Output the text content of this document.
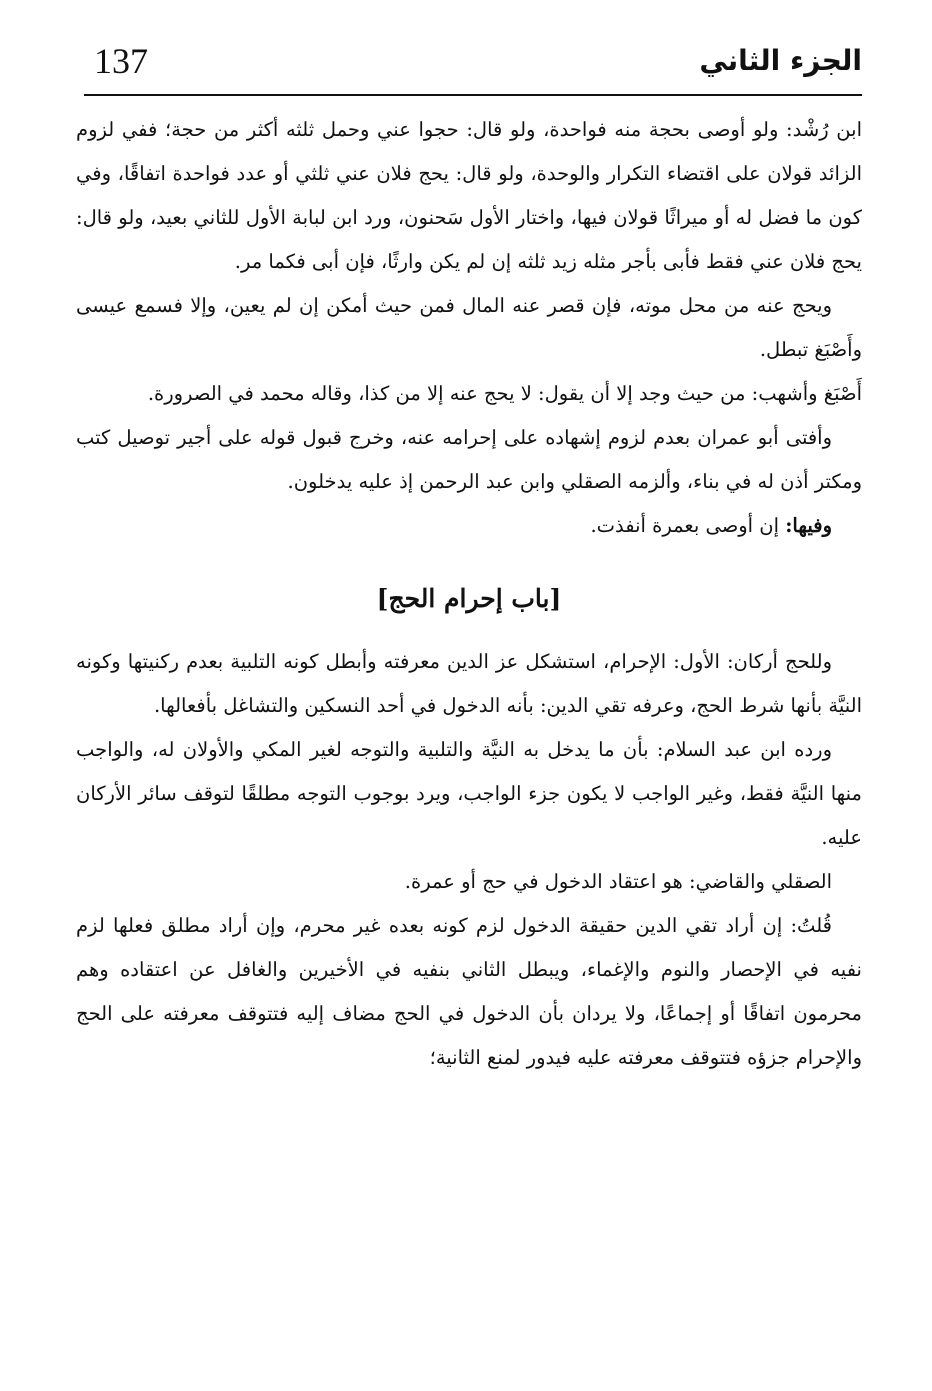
137	الجزء الثاني

ابن رُشْد: ولو أوصى بحجة منه فواحدة، ولو قال: حجوا عني وحمل ثلثه أكثر من حجة؛ ففي لزوم الزائد قولان على اقتضاء التكرار والوحدة، ولو قال: يحج فلان عني ثلثي أو عدد فواحدة اتفاقًا، وفي كون ما فضل له أو ميراثًا قولان فيها، واختار الأول سَحنون، ورد ابن لبابة الأول للثاني بعيد، ولو قال: يحج فلان عني فقط فأبى بأجر مثله زيد ثلثه إن لم يكن وارثًا، فإن أبى فكما مر.

ويحج عنه من محل موته، فإن قصر عنه المال فمن حيث أمكن إن لم يعين، وإلا فسمع عيسى وأَصْبَغ تبطل.

أَصْبَغ وأشهب: من حيث وجد إلا أن يقول: لا يحج عنه إلا من كذا، وقاله محمد في الصرورة.

وأفتى أبو عمران بعدم لزوم إشهاده على إحرامه عنه، وخرج قبول قوله على أجير توصيل كتب ومكتر أذن له في بناء، وألزمه الصقلي وابن عبد الرحمن إذ عليه يدخلون.

وفيها: إن أوصى بعمرة أنفذت.

[باب إحرام الحج]

وللحج أركان: الأول: الإحرام، استشكل عز الدين معرفته وأبطل كونه التلبية بعدم ركنيتها وكونه النيَّة بأنها شرط الحج، وعرفه تقي الدين: بأنه الدخول في أحد النسكين والتشاغل بأفعالها.

ورده ابن عبد السلام: بأن ما يدخل به النيَّة والتلبية والتوجه لغير المكي والأولان له، والواجب منها النيَّة فقط، وغير الواجب لا يكون جزء الواجب، ويرد بوجوب التوجه مطلقًا لتوقف سائر الأركان عليه.

الصقلي والقاضي: هو اعتقاد الدخول في حج أو عمرة.

قُلتُ: إن أراد تقي الدين حقيقة الدخول لزم كونه بعده غير محرم، وإن أراد مطلق فعلها لزم نفيه في الإحصار والنوم والإغماء، ويبطل الثاني بنفيه في الأخيرين والغافل عن اعتقاده وهم محرمون اتفاقًا أو إجماعًا، ولا يردان بأن الدخول في الحج مضاف إليه فتتوقف معرفته على الحج والإحرام جزؤه فتتوقف معرفته عليه فيدور لمنع الثانية؛
